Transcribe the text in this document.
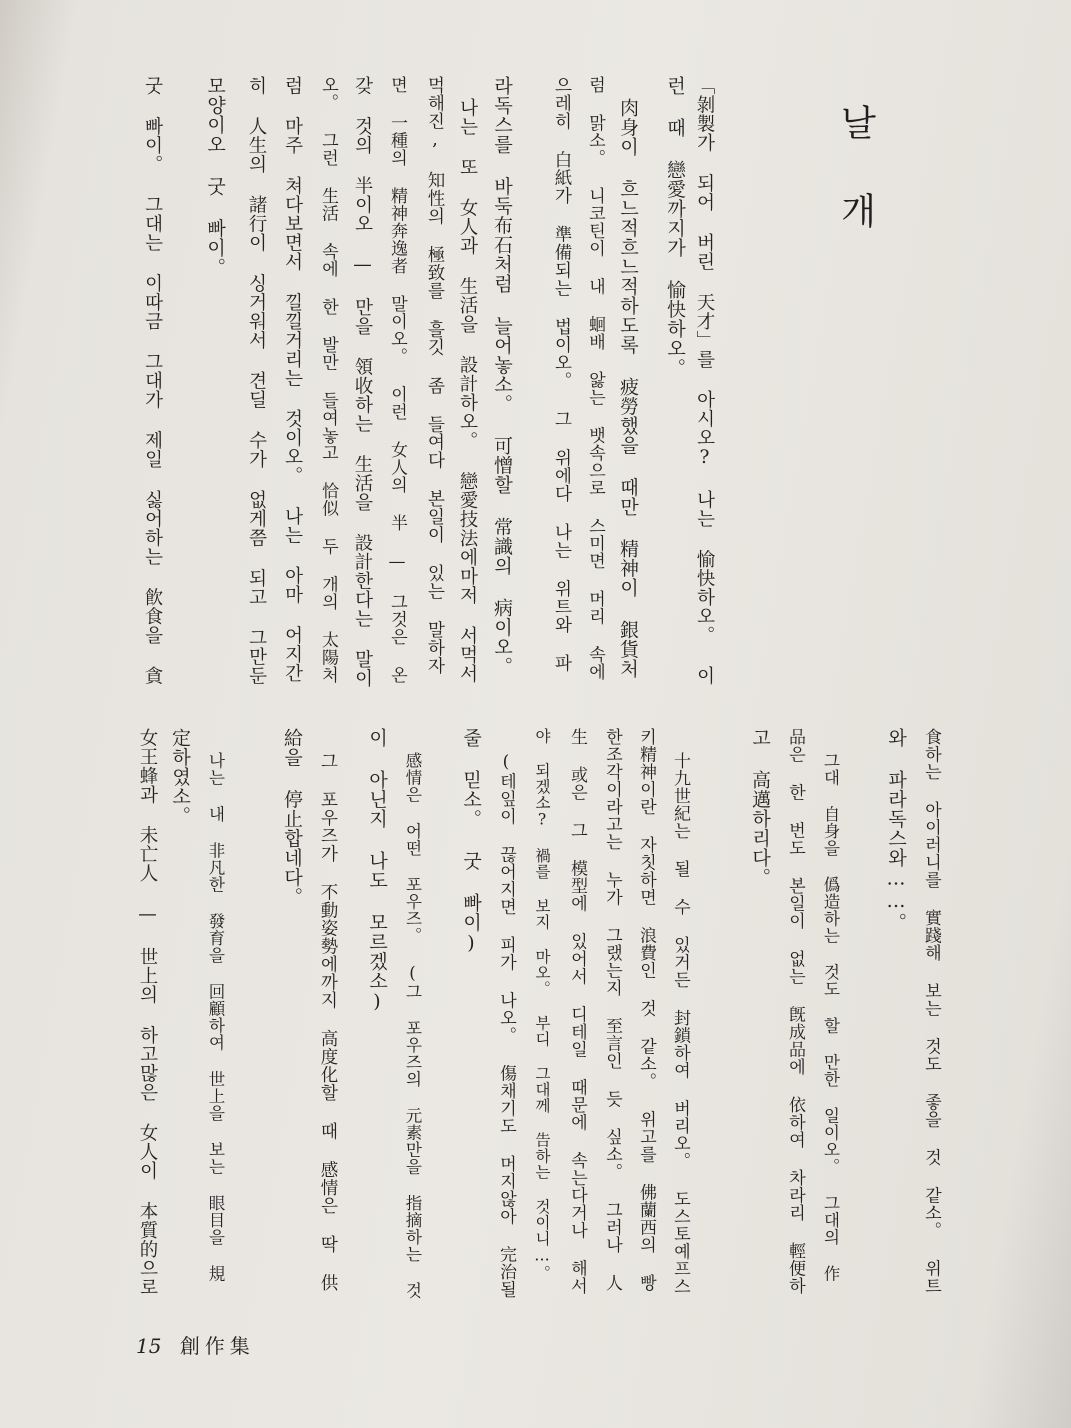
날개
「剝製가 되어 버린 天才」를 아시오? 나는 愉快하오。 이
런 때 戀愛까지가 愉快하오。
肉身이 흐느적흐느적하도록 疲勞했을 때만 精神이 銀貨처
럼 맑소。 니코틴이 내 蛔배 앓는 뱃속으로 스미면 머리 속에
으레히 白紙가 準備되는 법이오。 그 위에다 나는 위트와 파
라독스를 바둑布石처럼 늘어놓소。 可憎할 常識의 病이오。
나는 또 女人과 生活을 設計하오。 戀愛技法에마저 서먹서
먹해진, 知性의 極致를 흘깃 좀 들여다 본일이 있는 말하자
면 一種의 精神奔逸者 말이오。 이런 女人의 半 — 그것은 온
갖 것의 半이오 — 만을 領收하는 生活을 設計한다는 말이
오。 그런 生活 속에 한 발만 들여놓고 恰似 두 개의 太陽처
럼 마주 쳐다보면서 낄낄거리는 것이오。 나는 아마 어지간
히 人生의 諸行이 싱거워서 견딜 수가 없게쯤 되고 그만둔
모양이오 굿 빠이。
굿 빠이。 그대는 이따금 그대가 제일 싫어하는 飮食을 貪
食하는 아이러니를 實踐해 보는 것도 좋을 것 같소。 위트
와 파라독스와……。
그대 自身을 僞造하는 것도 할 만한 일이오。 그대의 作
品은 한 번도 본일이 없는 旣成品에 依하여 차라리 輕便하
고 高邁하리다。
十九世紀는 될 수 있거든 封鎖하여 버리오。 도스토예프스
키精神이란 자칫하면 浪費인 것 같소。 위고를 佛蘭西의 빵
한조각이라고는 누가 그랬는지 至言인 듯 싶소。 그러나 人
生 或은 그 模型에 있어서 디테일 때문에 속는다거나 해서
야 되겠소? 禍를 보지 마오。 부디 그대께 告하는 것이니…。
(테잎이 끊어지면 피가 나오。 傷채기도 머지않아 完治될
줄 믿소。 굿 빠이)
感情은 어떤 포우즈。 (그 포우즈의 元素만을 指摘하는 것
이 아닌지 나도 모르겠소)
그 포우즈가 不動姿勢에까지 高度化할 때 感情은 딱 供
給을 停止합네다。
나는 내 非凡한 發育을 回顧하여 世上을 보는 眼目을 規
定하였소。
女王蜂과 未亡人 — 世上의 하고많은 女人이 本質的으로
15 創作集
